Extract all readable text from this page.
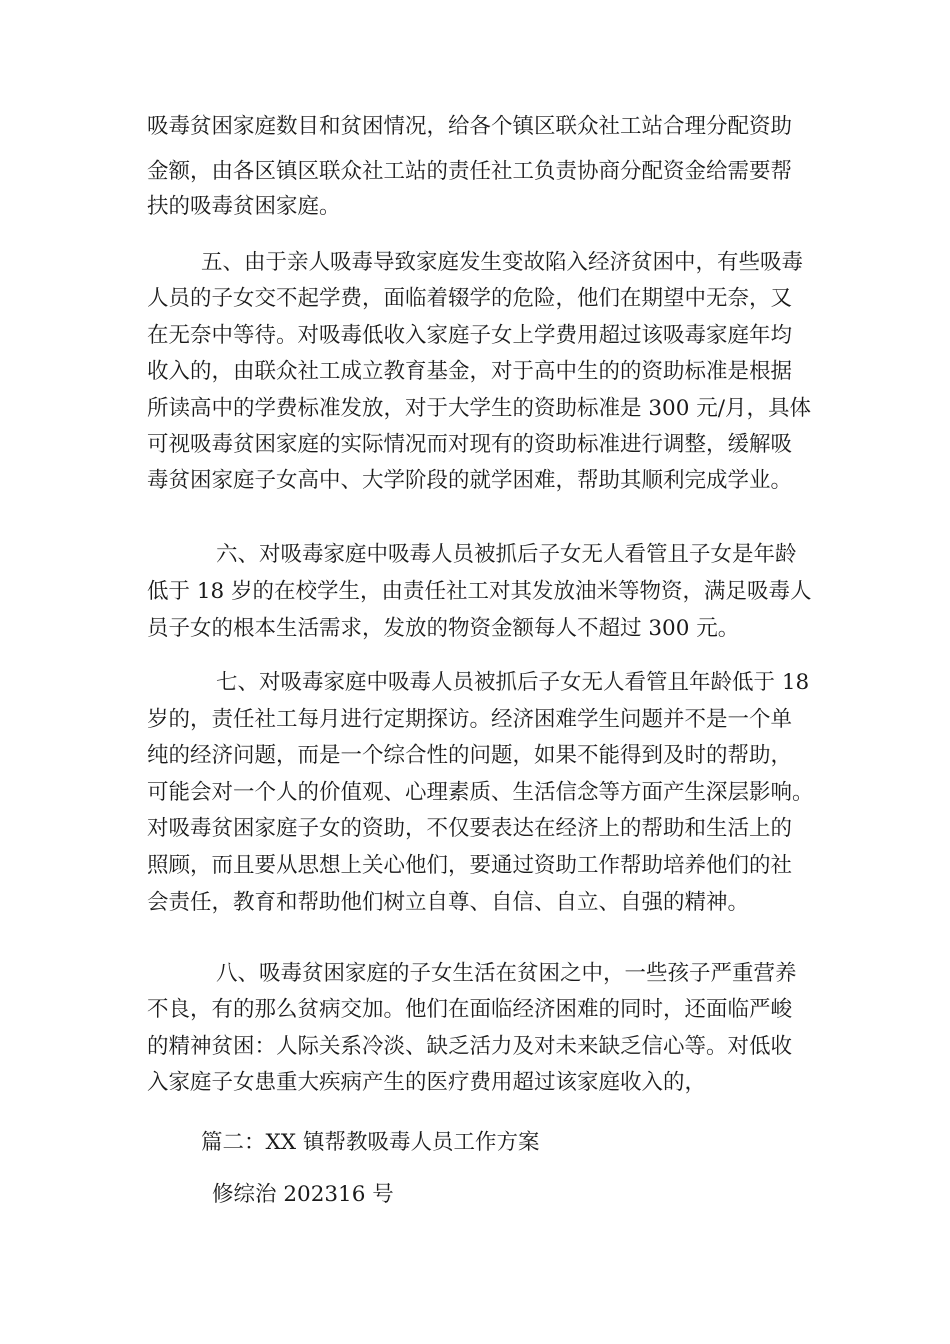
吸毒贫困家庭数目和贫困情况，给各个镇区联众社工站合理分配资助
金额，由各区镇区联众社工站的责任社工负责协商分配资金给需要帮
扶的吸毒贫困家庭。
五、由于亲人吸毒导致家庭发生变故陷入经济贫困中，有些吸毒
人员的子女交不起学费，面临着辍学的危险，他们在期望中无奈，又
在无奈中等待。对吸毒低收入家庭子女上学费用超过该吸毒家庭年均
收入的，由联众社工成立教育基金，对于高中生的的资助标准是根据
所读高中的学费标准发放，对于大学生的资助标准是 300 元/月，具体
可视吸毒贫困家庭的实际情况而对现有的资助标准进行调整，缓解吸
毒贫困家庭子女高中、大学阶段的就学困难，帮助其顺利完成学业。
六、对吸毒家庭中吸毒人员被抓后子女无人看管且子女是年龄
低于 18 岁的在校学生，由责任社工对其发放油米等物资，满足吸毒人
员子女的根本生活需求，发放的物资金额每人不超过 300 元。
七、对吸毒家庭中吸毒人员被抓后子女无人看管且年龄低于 18
岁的，责任社工每月进行定期探访。经济困难学生问题并不是一个单
纯的经济问题，而是一个综合性的问题，如果不能得到及时的帮助，
可能会对一个人的价值观、心理素质、生活信念等方面产生深层影响。
对吸毒贫困家庭子女的资助，不仅要表达在经济上的帮助和生活上的
照顾，而且要从思想上关心他们，要通过资助工作帮助培养他们的社
会责任，教育和帮助他们树立自尊、自信、自立、自强的精神。
八、吸毒贫困家庭的子女生活在贫困之中，一些孩子严重营养
不良，有的那么贫病交加。他们在面临经济困难的同时，还面临严峻
的精神贫困：人际关系冷淡、缺乏活力及对未来缺乏信心等。对低收
入家庭子女患重大疾病产生的医疗费用超过该家庭收入的，
篇二：XX 镇帮教吸毒人员工作方案
修综治 202316 号
